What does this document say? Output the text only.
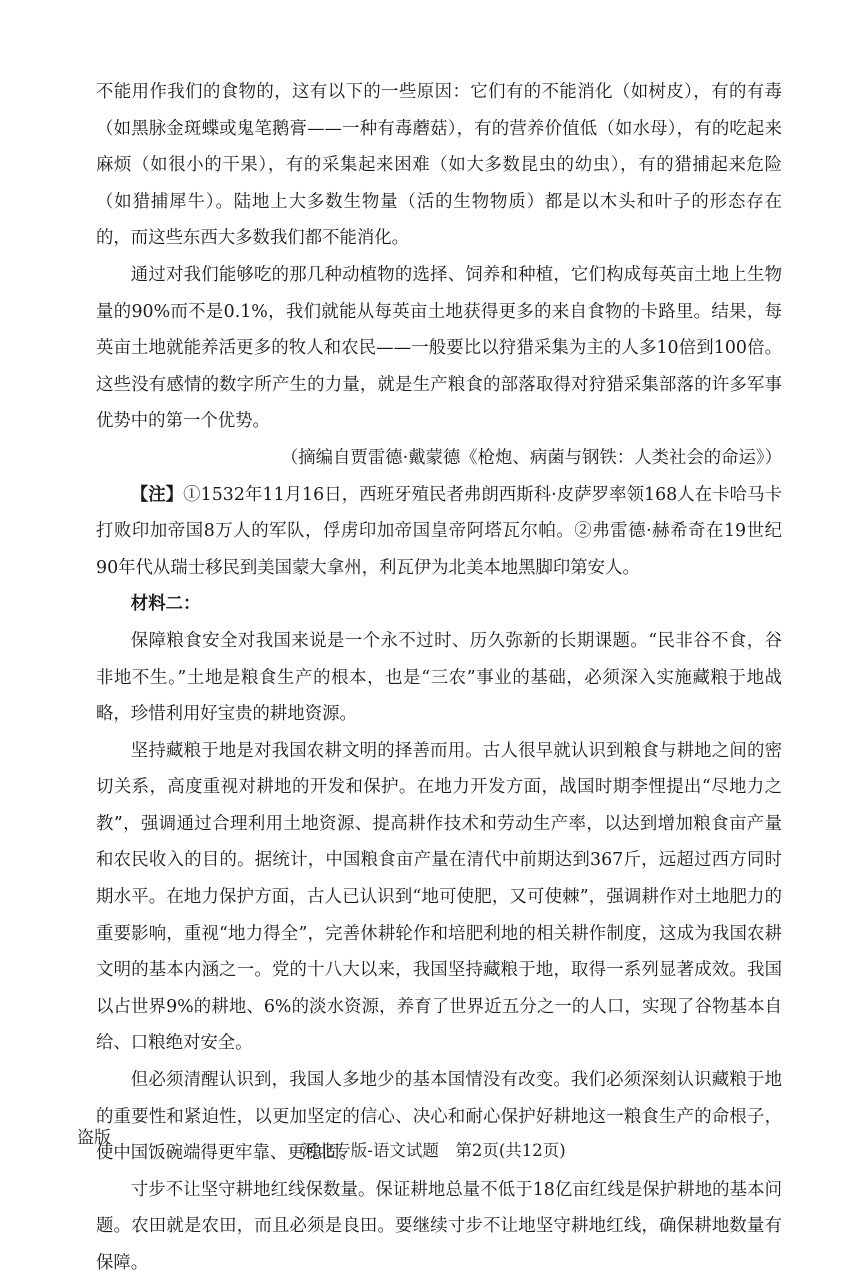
不能用作我们的食物的，这有以下的一些原因：它们有的不能消化（如树皮），有的有毒（如黑脉金斑蝶或鬼笔鹅膏——一种有毒蘑菇），有的营养价值低（如水母），有的吃起来麻烦（如很小的干果），有的采集起来困难（如大多数昆虫的幼虫），有的猎捕起来危险（如猎捕犀牛）。陆地上大多数生物量（活的生物物质）都是以木头和叶子的形态存在的，而这些东西大多数我们都不能消化。

通过对我们能够吃的那几种动植物的选择、饲养和种植，它们构成每英亩土地上生物量的90%而不是0.1%，我们就能从每英亩土地获得更多的来自食物的卡路里。结果，每英亩土地就能养活更多的牧人和农民——一般要比以狩猎采集为主的人多10倍到100倍。这些没有感情的数字所产生的力量，就是生产粮食的部落取得对狩猎采集部落的许多军事优势中的第一个优势。

（摘编自贾雷德·戴蒙德《枪炮、病菌与钢铁：人类社会的命运》）

【注】①1532年11月16日，西班牙殖民者弗朗西斯科·皮萨罗率领168人在卡哈马卡打败印加帝国8万人的军队，俘虏印加帝国皇帝阿塔瓦尔帕。②弗雷德·赫希奇在19世纪90年代从瑞士移民到美国蒙大拿州，利瓦伊为北美本地黑脚印第安人。

材料二：

保障粮食安全对我国来说是一个永不过时、历久弥新的长期课题。“民非谷不食，谷非地不生。”土地是粮食生产的根本，也是“三农”事业的基础，必须深入实施藏粮于地战略，珍惜利用好宝贵的耕地资源。

坚持藏粮于地是对我国农耕文明的择善而用。古人很早就认识到粮食与耕地之间的密切关系，高度重视对耕地的开发和保护。在地力开发方面，战国时期李悝提出“尽地力之教”，强调通过合理利用土地资源、提高耕作技术和劳动生产率，以达到增加粮食亩产量和农民收入的目的。据统计，中国粮食亩产量在清代中前期达到367斤，远超过西方同时期水平。在地力保护方面，古人已认识到“地可使肥，又可使棘”，强调耕作对土地肥力的重要影响，重视“地力得全”，完善休耕轮作和培肥利地的相关耕作制度，这成为我国农耕文明的基本内涵之一。党的十八大以来，我国坚持藏粮于地，取得一系列显著成效。我国以占世界9%的耕地、6%的淡水资源，养育了世界近五分之一的人口，实现了谷物基本自给、口粮绝对安全。

但必须清醒认识到，我国人多地少的基本国情没有改变。我们必须深刻认识藏粮于地的重要性和紧迫性，以更加坚定的信心、决心和耐心保护好耕地这一粮食生产的命根子，使中国饭碗端得更牢靠、更稳固。

寸步不让坚守耕地红线保数量。保证耕地总量不低于18亿亩红线是保护耕地的基本问题。农田就是农田，而且必须是良田。要继续寸步不让地坚守耕地红线，确保耕地数量有保障。

盗版
河北专版-语文试题　第2页(共12页)
